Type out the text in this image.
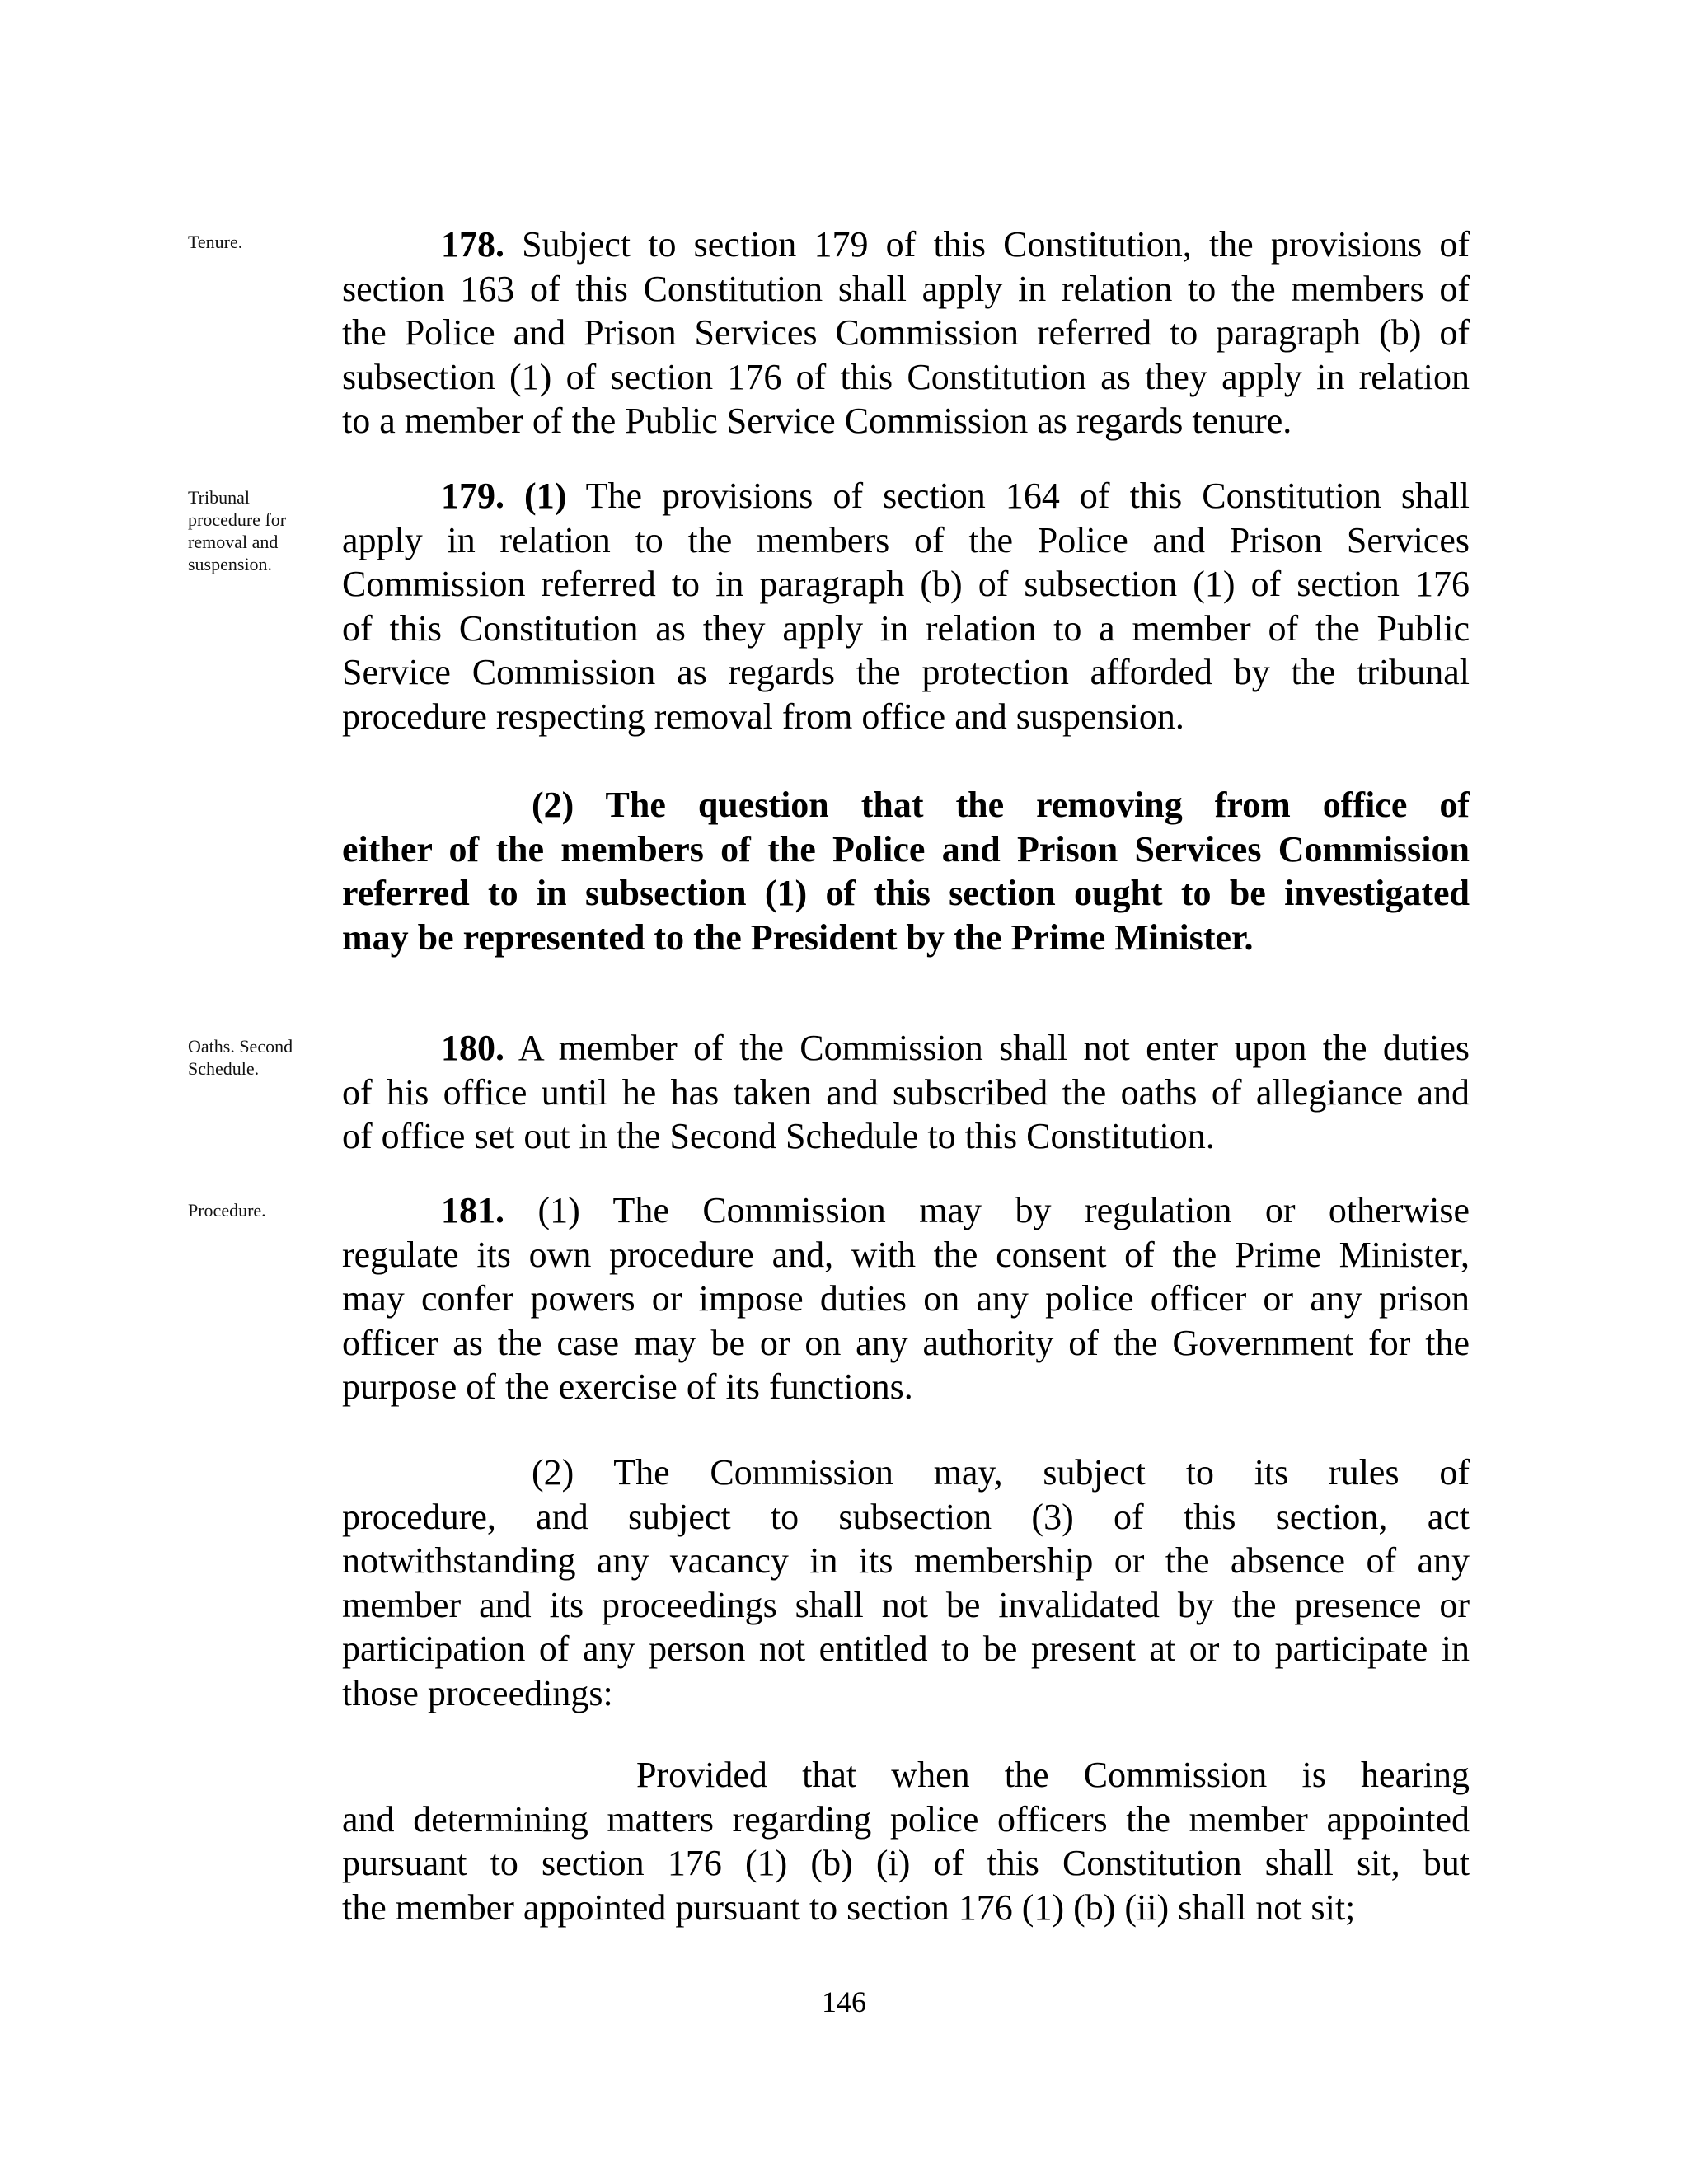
Tenure.
Tribunal procedure for removal and suspension.
Oaths. Second Schedule.
Procedure.
178. Subject to section 179 of this Constitution, the provisions of
section 163 of this Constitution shall apply in relation to the members of
the Police and Prison Services Commission referred to paragraph (b) of
subsection (1) of section 176 of this Constitution as they apply in relation
to a member of the Public Service Commission as regards tenure.
179. (1) The provisions of section 164 of this Constitution shall
apply in relation to the members of the Police and Prison Services
Commission referred to in paragraph (b) of subsection (1) of section 176
of this Constitution as they apply in relation to a member of the Public
Service Commission as regards the protection afforded by the tribunal
procedure respecting removal from office and suspension.
(2) The question that the removing from office of
either of the members of the Police and Prison Services Commission
referred to in subsection (1) of this section ought to be investigated
may be represented to the President by the Prime Minister.
180. A member of the Commission shall not enter upon the duties
of his office until he has taken and subscribed the oaths of allegiance and
of office set out in the Second Schedule to this Constitution.
181. (1) The Commission may by regulation or otherwise
regulate its own procedure and, with the consent of the Prime Minister,
may confer powers or impose duties on any police officer or any prison
officer as the case may be or on any authority of the Government for the
purpose of the exercise of its functions.
(2) The Commission may, subject to its rules of
procedure, and subject to subsection (3) of this section, act
notwithstanding any vacancy in its membership or the absence of any
member and its proceedings shall not be invalidated by the presence or
participation of any person not entitled to be present at or to participate in
those proceedings:
Provided that when the Commission is hearing
and determining matters regarding police officers the member appointed
pursuant to section 176 (1) (b) (i) of this Constitution shall sit, but
the member appointed pursuant to section 176 (1) (b) (ii) shall not sit;
146
